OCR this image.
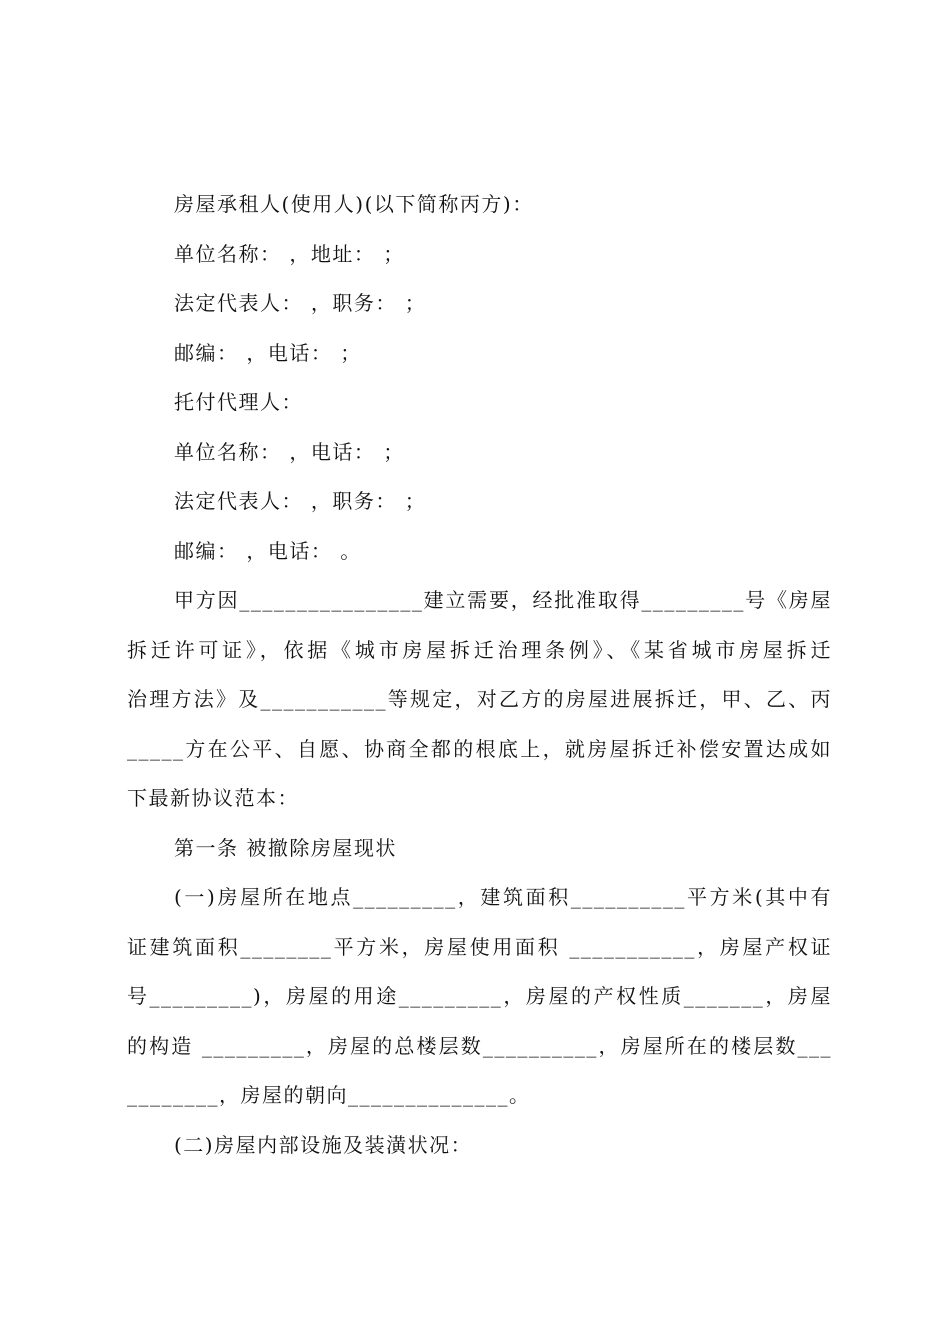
房屋承租人(使用人)(以下简称丙方)：
单位名称： ，地址： ；
法定代表人： ，职务： ；
邮编： ，电话： ；
托付代理人：
单位名称： ，电话： ；
法定代表人： ，职务： ；
邮编： ，电话： 。
甲方因________________建立需要，经批准取得_________号《房屋
拆迁许可证》，依据《城市房屋拆迁治理条例》、《某省城市房屋拆迁
治理方法》及___________等规定，对乙方的房屋进展拆迁，甲、乙、丙
_____方在公平、自愿、协商全都的根底上，就房屋拆迁补偿安置达成如
下最新协议范本：
第一条 被撤除房屋现状
(一)房屋所在地点_________，建筑面积__________平方米(其中有
证建筑面积________平方米，房屋使用面积 ___________，房屋产权证
号_________)，房屋的用途_________，房屋的产权性质_______，房屋
的构造 _________，房屋的总楼层数__________，房屋所在的楼层数___
________，房屋的朝向______________。
(二)房屋内部设施及装潢状况：
